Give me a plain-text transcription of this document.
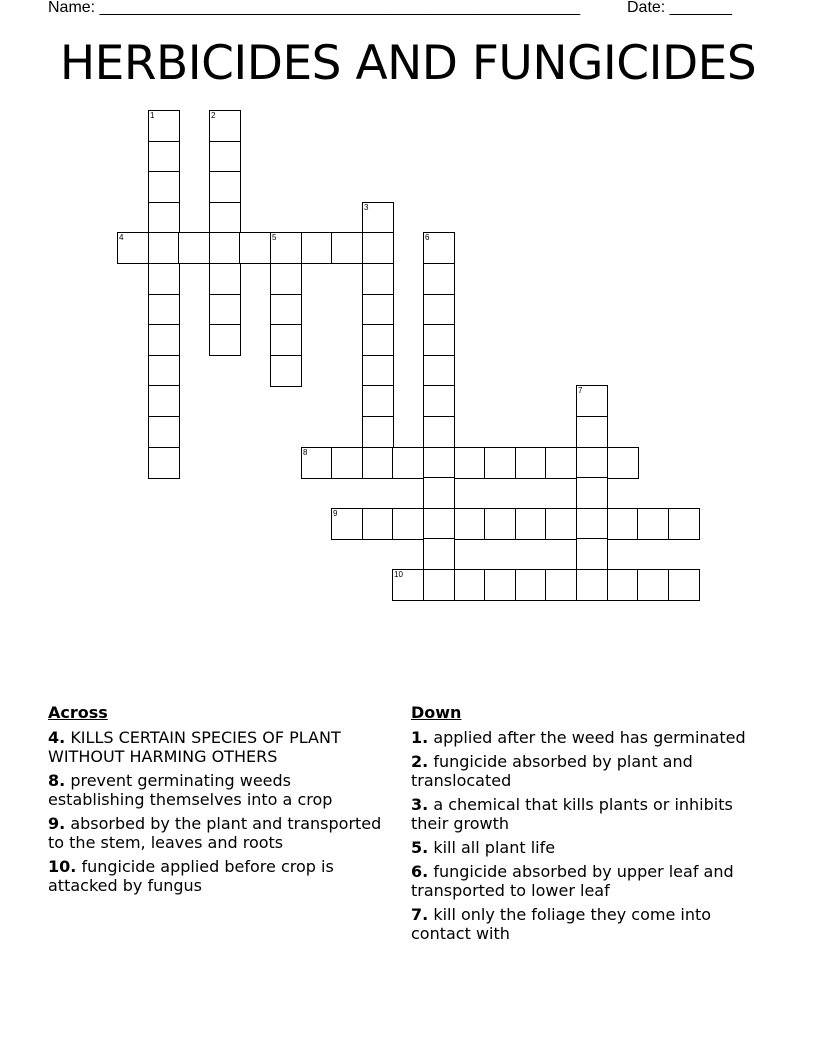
Name: ______________________________________________________	Date: _______
HERBICIDES AND FUNGICIDES
1	2
3
4	5	6
7
8
9
10
Across
4. KILLS CERTAIN SPECIES OF PLANT WITHOUT HARMING OTHERS
8. prevent germinating weeds establishing themselves into a crop
9. absorbed by the plant and transported to the stem, leaves and roots
10. fungicide applied before crop is attacked by fungus
Down
1. applied after the weed has germinated
2. fungicide absorbed by plant and translocated
3. a chemical that kills plants or inhibits their growth
5. kill all plant life
6. fungicide absorbed by upper leaf and transported to lower leaf
7. kill only the foliage they come into contact with
